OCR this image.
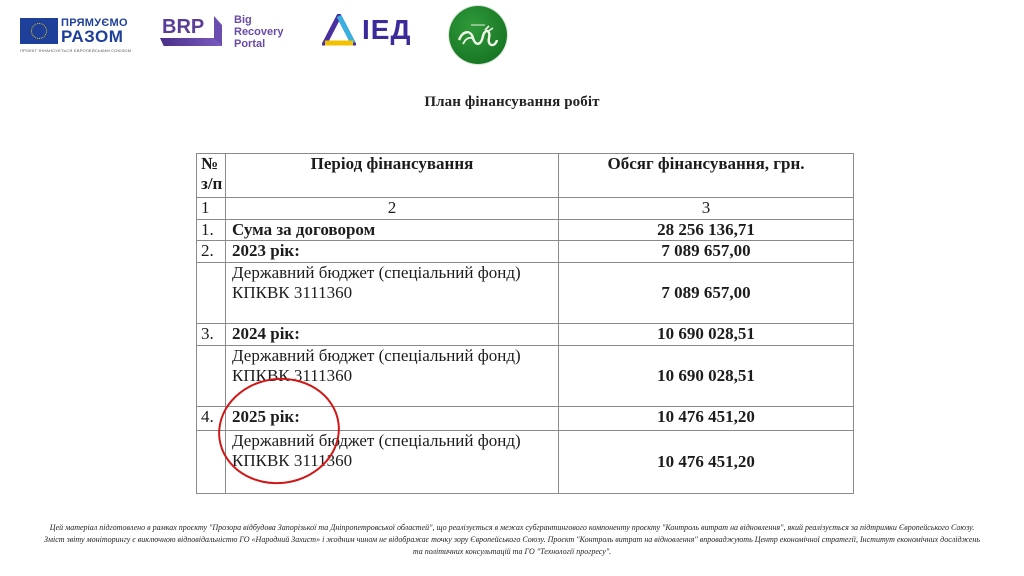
ПРЯМУЄМО
РАЗОМ
ПРОЕКТ ФІНАНСУЄТЬСЯ ЄВРОПЕЙСЬКИМ СОЮЗОМ
BRP	Big
Recovery
Portal	ІЕД
План фінансування робіт
№ з/п	Період фінансування	Обсяг фінансування, грн.
1	2	3
1.	Сума за договором	28 256 136,71
2.	2023 рік:	7 089 657,00

	Державний бюджет (спеціальний фонд)
КПКВК 3111360	7 089 657,00
3.	2024 рік:	10 690 028,51

	Державний бюджет (спеціальний фонд)
КПКВК 3111360	10 690 028,51
4.	2025 рік:	10 476 451,20

	Державний бюджет (спеціальний фонд)
КПКВК 3111360	10 476 451,20
Цей матеріал підготовлено в рамках проєкту "Прозора відбудова Запорізької та Дніпропетровської областей", що реалізується в межах субгрантингового компоненту проєкту "Контроль витрат на відновлення", який реалізується за підтримки Європейського Союзу. Зміст звіту моніторингу є виключною відповідальністю ГО «Народний Захист» і жодним чином не відображає точку зору Європейського Союзу. Проєкт "Контроль витрат на відновлення" впроваджують Центр економічної стратегії, Інститут економічних досліджень та політичних консультацій та ГО "Технології прогресу".
